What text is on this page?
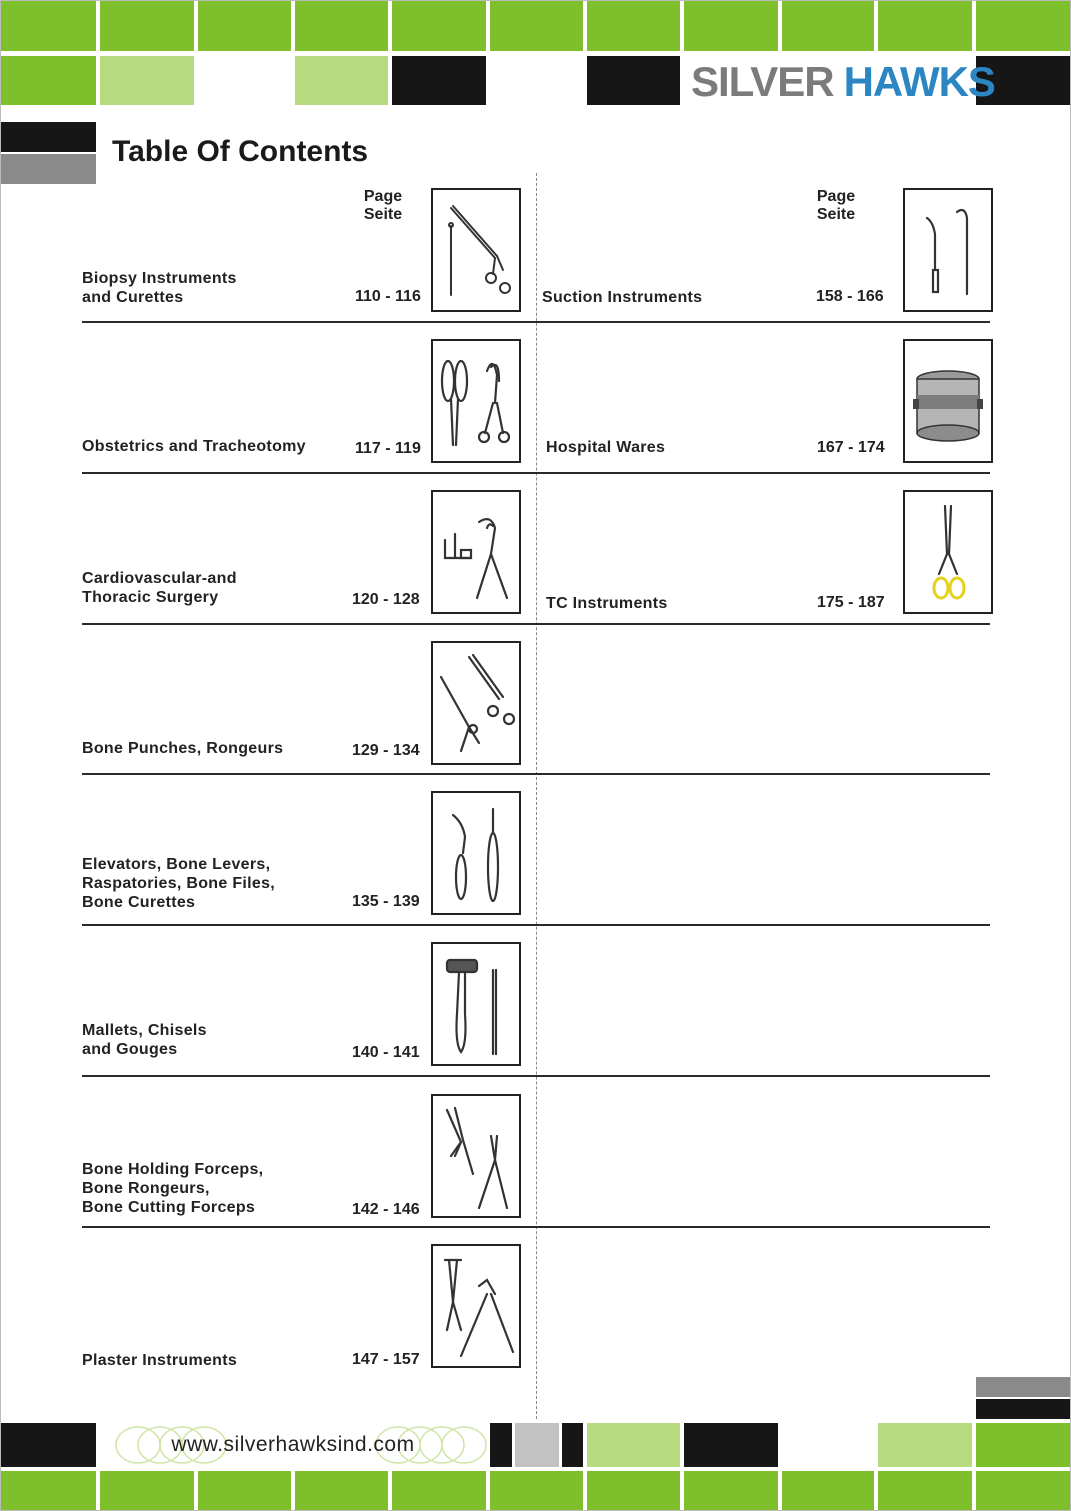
SILVER HAWKS
Table Of Contents
Page
Seite
Page
Seite
Biopsy Instruments
and Curettes	110 - 116
Obstetrics and Tracheotomy	117 - 119
Cardiovascular-and
Thoracic Surgery	120 - 128
Bone Punches, Rongeurs	129 - 134
Elevators, Bone Levers,
Raspatories, Bone Files,
Bone Curettes	135 - 139
Mallets, Chisels
and Gouges	140 - 141
Bone Holding Forceps,
Bone Rongeurs,
Bone Cutting Forceps	142 - 146
Plaster Instruments	147 - 157
Suction Instruments	158 - 166
Hospital Wares	167 - 174
TC Instruments	175 - 187
www.silverhawksind.com
